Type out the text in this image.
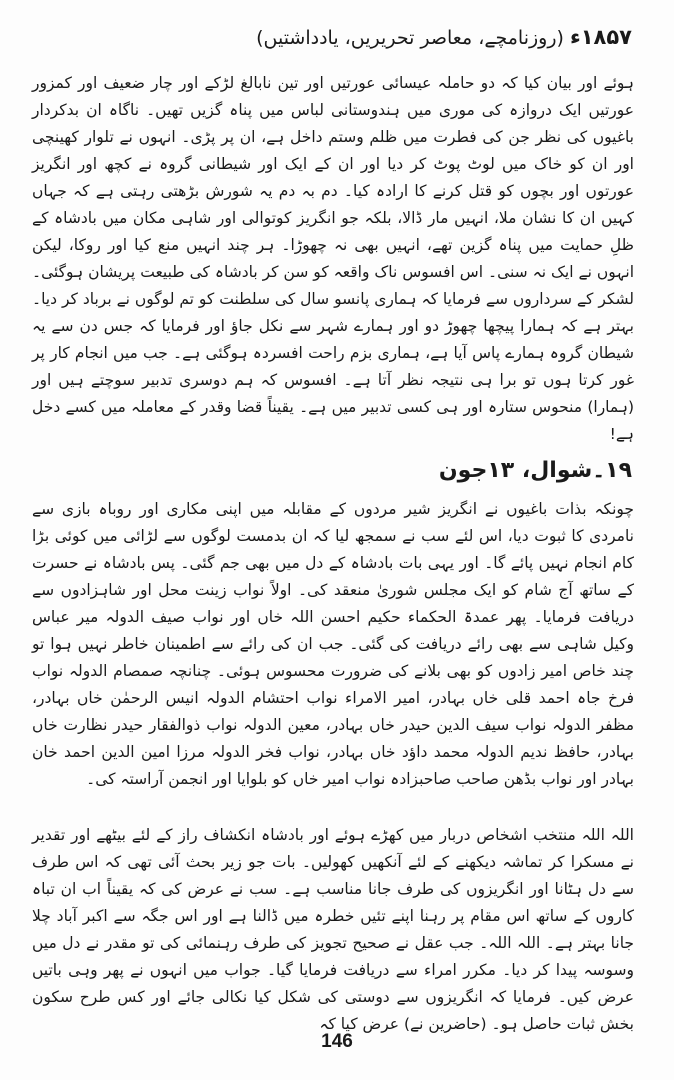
۱۸۵۷ء (روزنامچے، معاصر تحریریں، یادداشتیں)

ہوئے اور بیان کیا کہ دو حاملہ عیسائی عورتیں اور تین نابالغ لڑکے اور چار ضعیف اور کمزور عورتیں ایک دروازہ کی موری میں ہندوستانی لباس میں پناہ گزیں تھیں۔ ناگاہ ان بدکردار باغیوں کی نظر جن کی فطرت میں ظلم وستم داخل ہے، ان پر پڑی۔ انہوں نے تلوار کھینچی اور ان کو خاک میں لوٹ پوٹ کر دیا اور ان کے ایک اور شیطانی گروہ نے کچھ اور انگریز عورتوں اور بچوں کو قتل کرنے کا ارادہ کیا۔ دم بہ دم یہ شورش بڑھتی رہتی ہے کہ جہاں کہیں ان کا نشان ملا، انہیں مار ڈالا، بلکہ جو انگریز کوتوالی اور شاہی مکان میں بادشاہ کے ظلِ حمایت میں پناہ گزین تھے، انہیں بھی نہ چھوڑا۔ ہر چند انہیں منع کیا اور روکا، لیکن انہوں نے ایک نہ سنی۔ اس افسوس ناک واقعہ کو سن کر بادشاہ کی طبیعت پریشان ہوگئی۔ لشکر کے سرداروں سے فرمایا کہ ہماری پانسو سال کی سلطنت کو تم لوگوں نے برباد کر دیا۔ بہتر ہے کہ ہمارا پیچھا چھوڑ دو اور ہمارے شہر سے نکل جاؤ اور فرمایا کہ جس دن سے یہ شیطان گروہ ہمارے پاس آیا ہے، ہماری بزم راحت افسردہ ہوگئی ہے۔ جب میں انجام کار پر غور کرتا ہوں تو برا ہی نتیجہ نظر آتا ہے۔ افسوس کہ ہم دوسری تدبیر سوچتے ہیں اور (ہمارا) منحوس ستارہ اور ہی کسی تدبیر میں ہے۔ یقیناً قضا وقدر کے معاملہ میں کسے دخل ہے!

۱۹۔شوال، ۱۳جون

چونکہ بذات باغیوں نے انگریز شیر مردوں کے مقابلہ میں اپنی مکاری اور روباہ بازی سے نامردی کا ثبوت دیا، اس لئے سب نے سمجھ لیا کہ ان بدمست لوگوں سے لڑائی میں کوئی بڑا کام انجام نہیں پائے گا۔ اور یہی بات بادشاہ کے دل میں بھی جم گئی۔ پس بادشاہ نے حسرت کے ساتھ آج شام کو ایک مجلس شوریٰ منعقد کی۔ اولاً نواب زینت محل اور شاہزادوں سے دریافت فرمایا۔ پھر عمدۃ الحکماء حکیم احسن اللہ خاں اور نواب صیف الدولہ میر عباس وکیل شاہی سے بھی رائے دریافت کی گئی۔ جب ان کی رائے سے اطمینان خاطر نہیں ہوا تو چند خاص امیر زادوں کو بھی بلانے کی ضرورت محسوس ہوئی۔ چنانچہ صمصام الدولہ نواب فرخ جاہ احمد قلی خاں بہادر، امیر الامراء نواب احتشام الدولہ انیس الرحمٰن خاں بہادر، مظفر الدولہ نواب سیف الدین حیدر خاں بہادر، معین الدولہ نواب ذوالفقار حیدر نظارت خاں بہادر، حافظ ندیم الدولہ محمد داؤد خاں بہادر، نواب فخر الدولہ مرزا امین الدین احمد خان بہادر اور نواب بڈھن صاحب صاحبزادہ نواب امیر خاں کو بلوایا اور انجمن آراستہ کی۔

اللہ اللہ منتخب اشخاص دربار میں کھڑے ہوئے اور بادشاہ انکشاف راز کے لئے بیٹھے اور تقدیر نے مسکرا کر تماشہ دیکھنے کے لئے آنکھیں کھولیں۔ بات جو زیر بحث آئی تھی کہ اس طرف سے دل ہٹانا اور انگریزوں کی طرف جانا مناسب ہے۔ سب نے عرض کی کہ یقیناً اب ان تباہ کاروں کے ساتھ اس مقام پر رہنا اپنے تئیں خطرہ میں ڈالنا ہے اور اس جگہ سے اکبر آباد چلا جانا بہتر ہے۔ اللہ اللہ۔ جب عقل نے صحیح تجویز کی طرف رہنمائی کی تو مقدر نے دل میں وسوسہ پیدا کر دیا۔ مکرر امراء سے دریافت فرمایا گیا۔ جواب میں انہوں نے پھر وہی باتیں عرض کیں۔ فرمایا کہ انگریزوں سے دوستی کی شکل کیا نکالی جائے اور کس طرح سکون بخش ثبات حاصل ہو۔ (حاضرین نے) عرض کیا کہ

146
